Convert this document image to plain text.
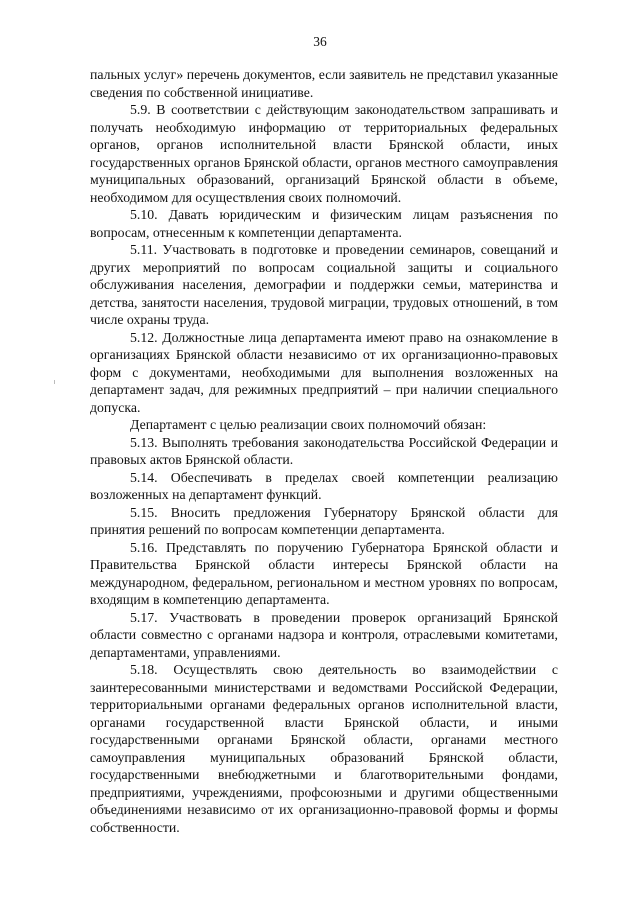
36

пальных услуг» перечень документов, если заявитель не представил указанные сведения по собственной инициативе.

5.9. В соответствии с действующим законодательством запрашивать и получать необходимую информацию от территориальных федеральных органов, органов исполнительной власти Брянской области, иных государственных органов Брянской области, органов местного самоуправления муниципальных образований, организаций Брянской области в объеме, необходимом для осуществления своих полномочий.

5.10. Давать юридическим и физическим лицам разъяснения по вопросам, отнесенным к компетенции департамента.

5.11. Участвовать в подготовке и проведении семинаров, совещаний и других мероприятий по вопросам социальной защиты и социального обслуживания населения, демографии и поддержки семьи, материнства и детства, занятости населения, трудовой миграции, трудовых отношений, в том числе охраны труда.

5.12. Должностные лица департамента имеют право на ознакомление в организациях Брянской области независимо от их организационно-правовых форм с документами, необходимыми для выполнения возложенных на департамент задач, для режимных предприятий – при наличии специального допуска.

Департамент с целью реализации своих полномочий обязан:

5.13. Выполнять требования законодательства Российской Федерации и правовых актов Брянской области.

5.14. Обеспечивать в пределах своей компетенции реализацию возложенных на департамент функций.

5.15. Вносить предложения Губернатору Брянской области для принятия решений по вопросам компетенции департамента.

5.16. Представлять по поручению Губернатора Брянской области и Правительства Брянской области интересы Брянской области на международном, федеральном, региональном и местном уровнях по вопросам, входящим в компетенцию департамента.

5.17. Участвовать в проведении проверок организаций Брянской области совместно с органами надзора и контроля, отраслевыми комитетами, департаментами, управлениями.

5.18. Осуществлять свою деятельность во взаимодействии с заинтересованными министерствами и ведомствами Российской Федерации, территориальными органами федеральных органов исполнительной власти, органами государственной власти Брянской области, и иными государственными органами Брянской области, органами местного самоуправления муниципальных образований Брянской области, государственными внебюджетными и благотворительными фондами, предприятиями, учреждениями, профсоюзными и другими общественными объединениями независимо от их организационно-правовой формы и формы собственности.
